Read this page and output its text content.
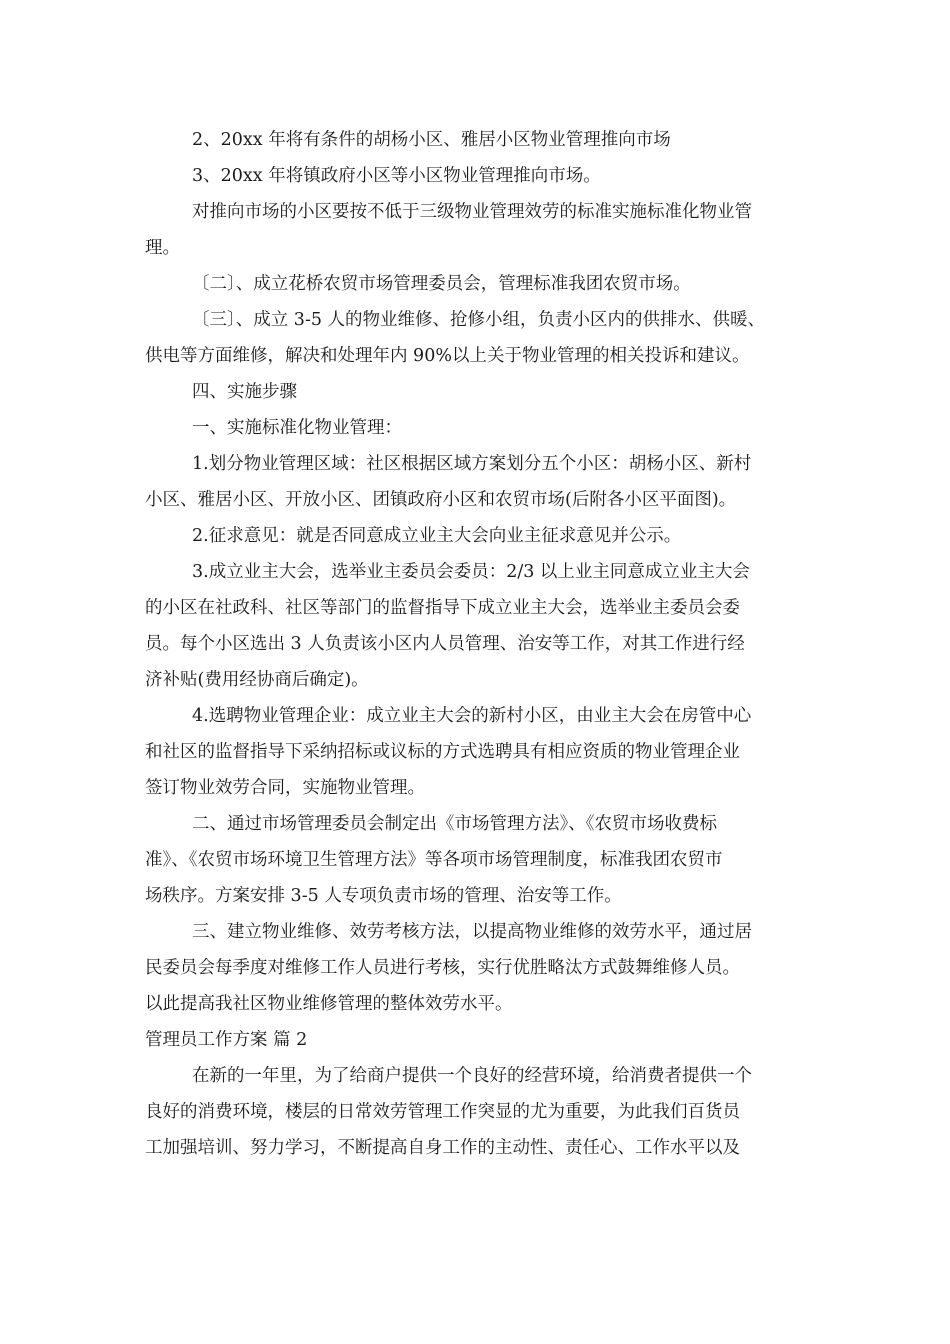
2、20xx 年将有条件的胡杨小区、雅居小区物业管理推向市场

3、20xx 年将镇政府小区等小区物业管理推向市场。

对推向市场的小区要按不低于三级物业管理效劳的标准实施标准化物业管

理。

〔二〕、成立花桥农贸市场管理委员会，管理标准我团农贸市场。

〔三〕、成立 3-5 人的物业维修、抢修小组，负责小区内的供排水、供暖、

供电等方面维修，解决和处理年内 90%以上关于物业管理的相关投诉和建议。

四、实施步骤

一、实施标准化物业管理：

1.划分物业管理区域：社区根据区域方案划分五个小区：胡杨小区、新村

小区、雅居小区、开放小区、团镇政府小区和农贸市场(后附各小区平面图)。

2.征求意见：就是否同意成立业主大会向业主征求意见并公示。

3.成立业主大会，选举业主委员会委员：2/3 以上业主同意成立业主大会

的小区在社政科、社区等部门的监督指导下成立业主大会，选举业主委员会委

员。每个小区选出 3 人负责该小区内人员管理、治安等工作，对其工作进行经

济补贴(费用经协商后确定)。

4.选聘物业管理企业：成立业主大会的新村小区，由业主大会在房管中心

和社区的监督指导下采纳招标或议标的方式选聘具有相应资质的物业管理企业

签订物业效劳合同，实施物业管理。

二、通过市场管理委员会制定出《市场管理方法》、《农贸市场收费标

准》、《农贸市场环境卫生管理方法》等各项市场管理制度，标准我团农贸市

场秩序。方案安排 3-5 人专项负责市场的管理、治安等工作。

三、建立物业维修、效劳考核方法，以提高物业维修的效劳水平，通过居

民委员会每季度对维修工作人员进行考核，实行优胜略汰方式鼓舞维修人员。

以此提高我社区物业维修管理的整体效劳水平。

管理员工作方案 篇 2

在新的一年里，为了给商户提供一个良好的经营环境，给消费者提供一个

良好的消费环境，楼层的日常效劳管理工作突显的尤为重要，为此我们百货员

工加强培训、努力学习，不断提高自身工作的主动性、责任心、工作水平以及
